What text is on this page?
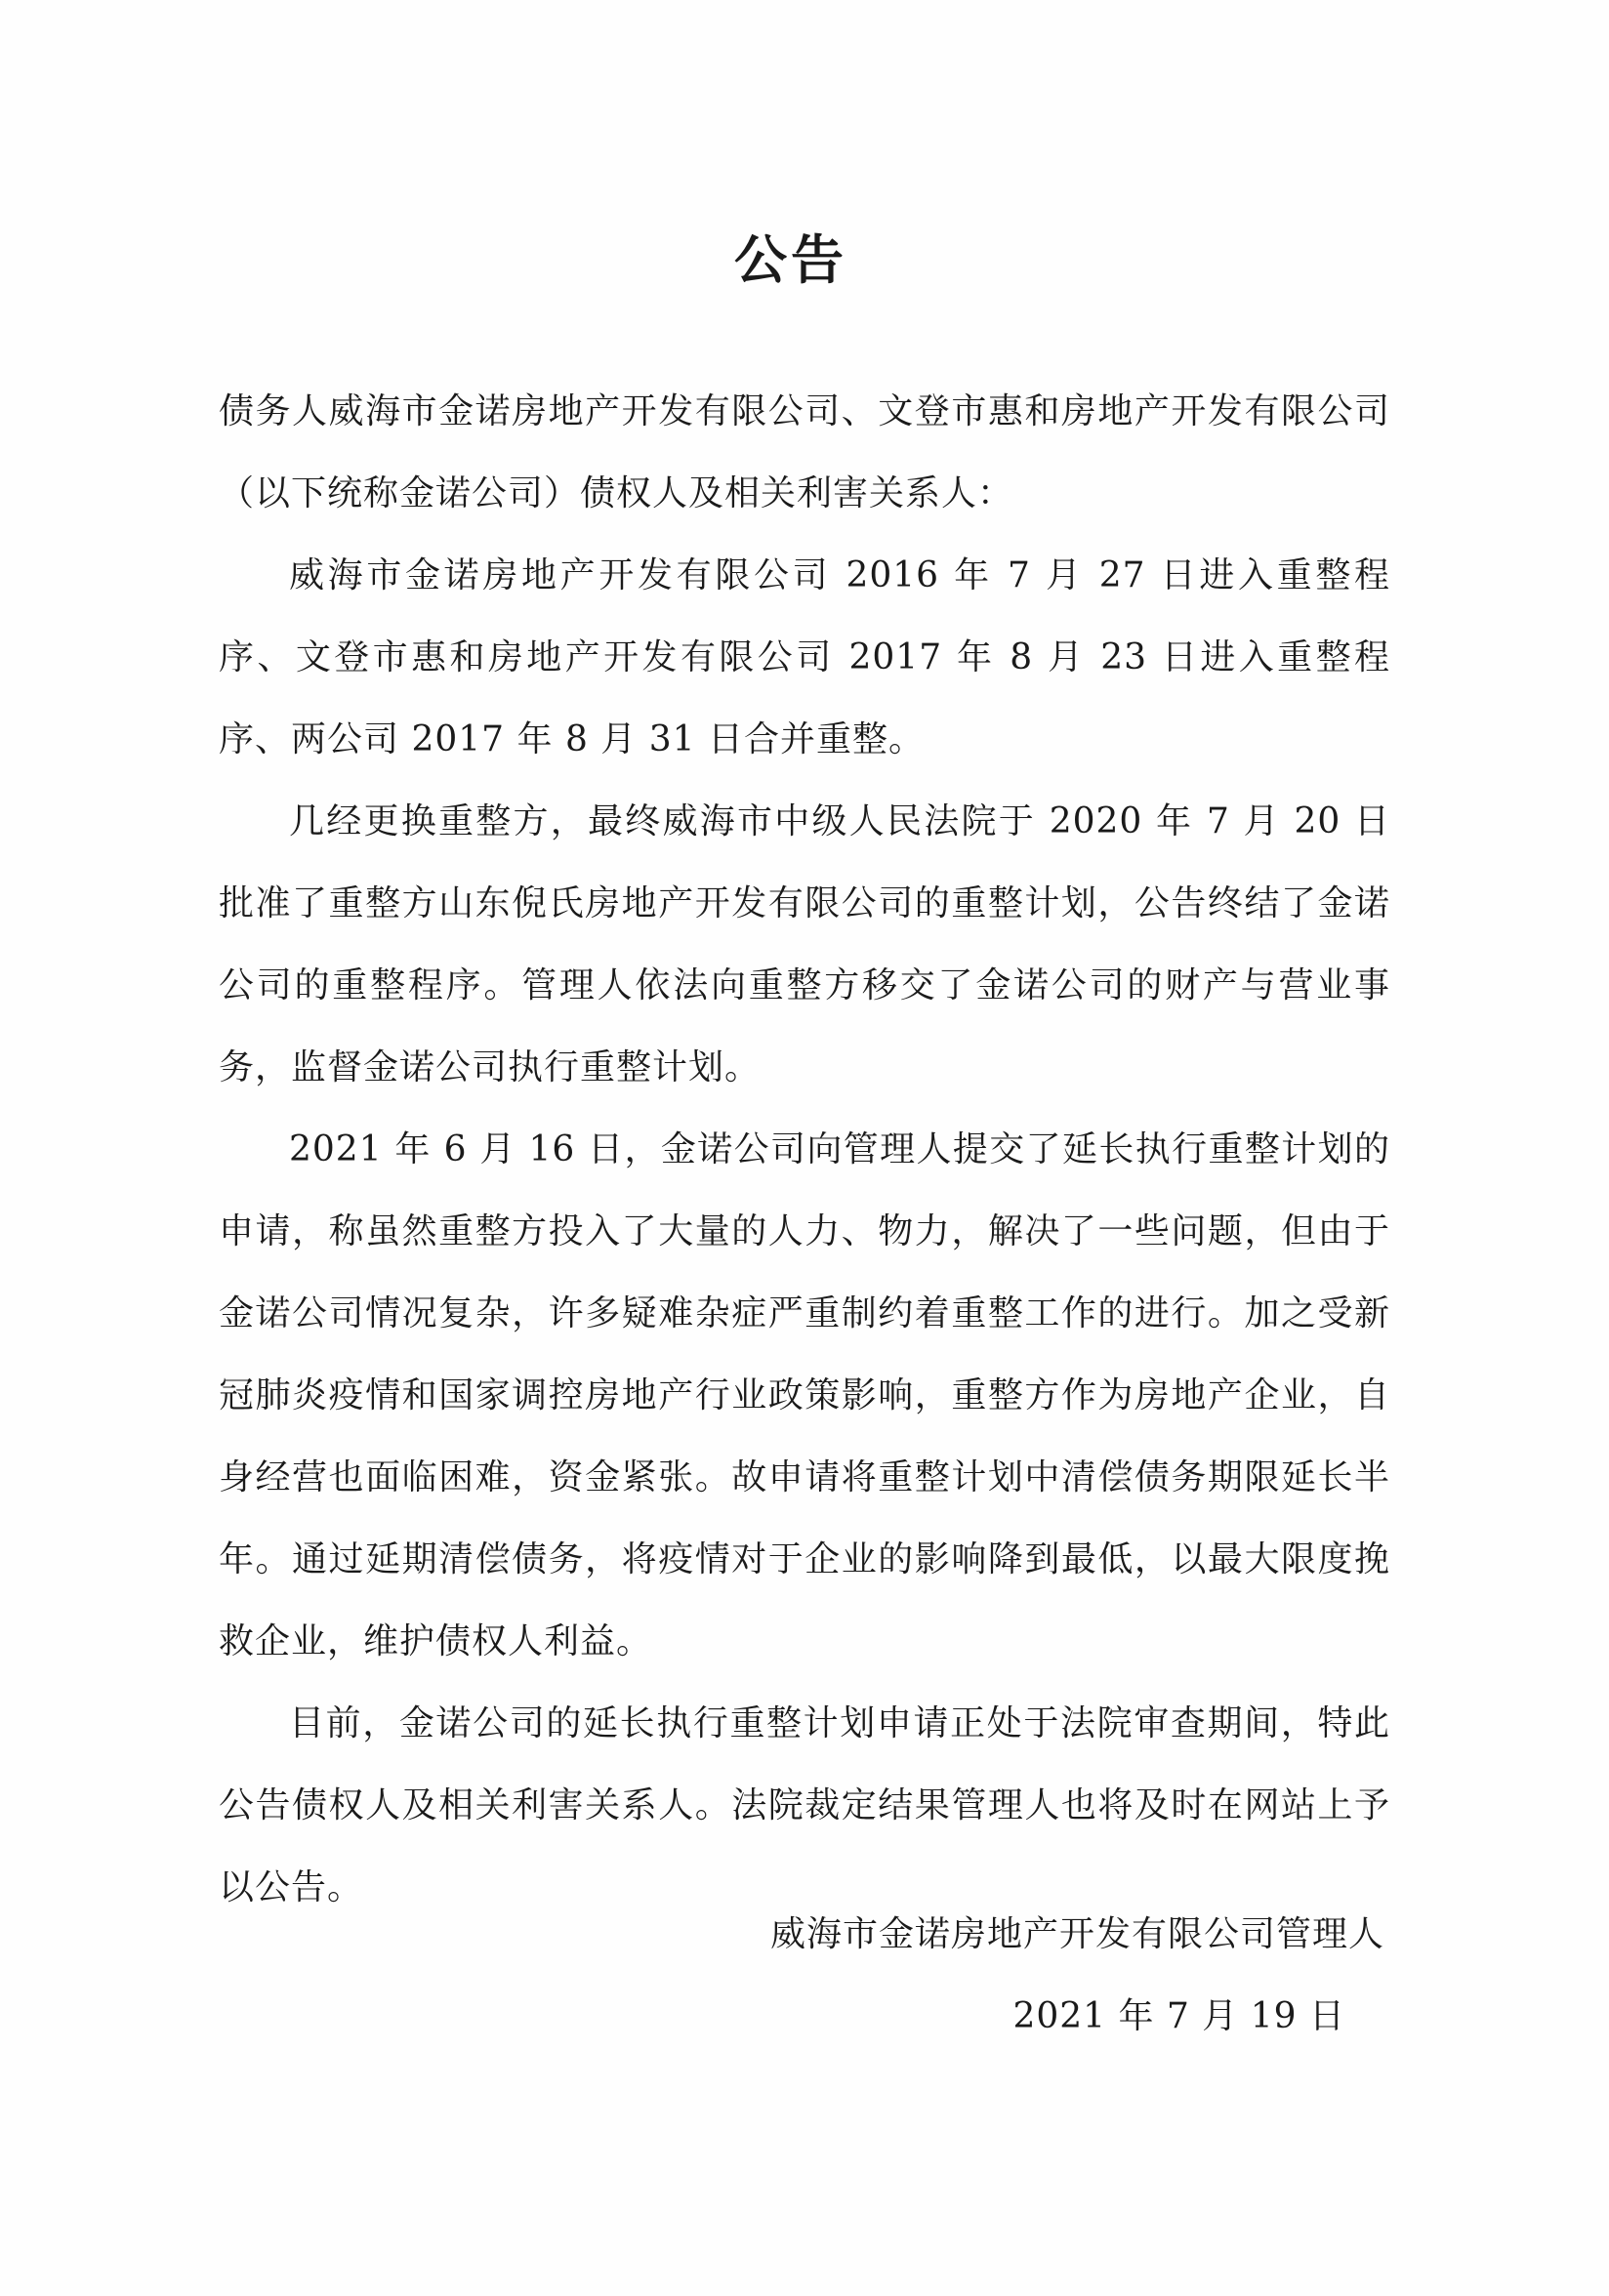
公告

债务人威海市金诺房地产开发有限公司、文登市惠和房地产开发有限公司（以下统称金诺公司）债权人及相关利害关系人：

威海市金诺房地产开发有限公司 2016 年 7 月 27 日进入重整程序、文登市惠和房地产开发有限公司 2017 年 8 月 23 日进入重整程序、两公司 2017 年 8 月 31 日合并重整。

几经更换重整方，最终威海市中级人民法院于 2020 年 7 月 20 日批准了重整方山东倪氏房地产开发有限公司的重整计划，公告终结了金诺公司的重整程序。管理人依法向重整方移交了金诺公司的财产与营业事务，监督金诺公司执行重整计划。

2021 年 6 月 16 日，金诺公司向管理人提交了延长执行重整计划的申请，称虽然重整方投入了大量的人力、物力，解决了一些问题，但由于金诺公司情况复杂，许多疑难杂症严重制约着重整工作的进行。加之受新冠肺炎疫情和国家调控房地产行业政策影响，重整方作为房地产企业，自身经营也面临困难，资金紧张。故申请将重整计划中清偿债务期限延长半年。通过延期清偿债务，将疫情对于企业的影响降到最低，以最大限度挽救企业，维护债权人利益。

目前，金诺公司的延长执行重整计划申请正处于法院审查期间，特此公告债权人及相关利害关系人。法院裁定结果管理人也将及时在网站上予以公告。

威海市金诺房地产开发有限公司管理人
2021 年 7 月 19 日
